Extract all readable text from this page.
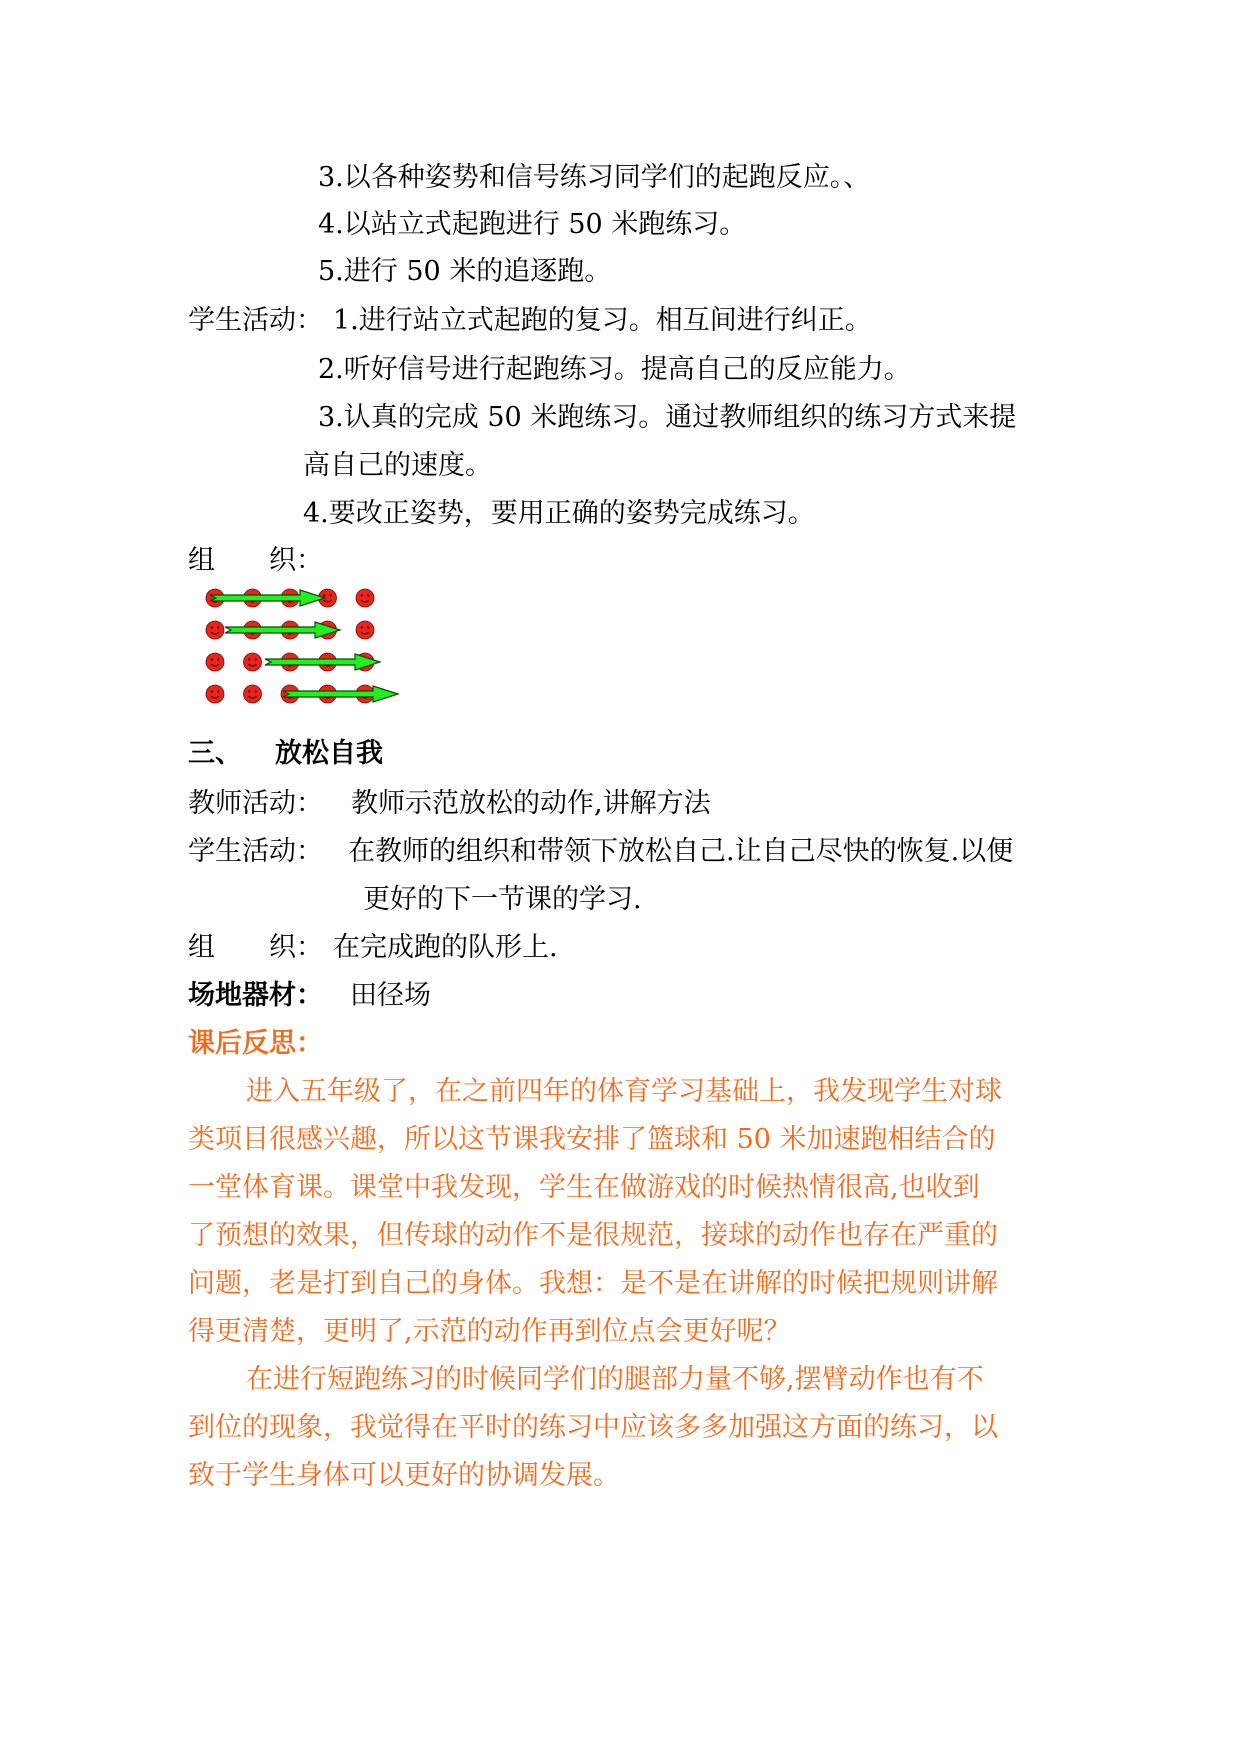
3.以各种姿势和信号练习同学们的起跑反应。、
4.以站立式起跑进行 50 米跑练习。
5.进行 50 米的追逐跑。
学生活动： 1.进行站立式起跑的复习。相互间进行纠正。
2.听好信号进行起跑练习。提高自己的反应能力。
3.认真的完成 50 米跑练习。通过教师组织的练习方式来提
高自己的速度。
4.要改正姿势，要用正确的姿势完成练习。
组　　织：
三、 放松自我
教师活动： 教师示范放松的动作,讲解方法
学生活动： 在教师的组织和带领下放松自己.让自己尽快的恢复.以便
更好的下一节课的学习.
组　　织： 在完成跑的队形上.
场地器材： 田径场
课后反思：
进入五年级了，在之前四年的体育学习基础上，我发现学生对球
类项目很感兴趣，所以这节课我安排了篮球和 50 米加速跑相结合的
一堂体育课。课堂中我发现，学生在做游戏的时候热情很高,也收到
了预想的效果，但传球的动作不是很规范，接球的动作也存在严重的
问题，老是打到自己的身体。我想：是不是在讲解的时候把规则讲解
得更清楚，更明了,示范的动作再到位点会更好呢？
在进行短跑练习的时候同学们的腿部力量不够,摆臂动作也有不
到位的现象，我觉得在平时的练习中应该多多加强这方面的练习，以
致于学生身体可以更好的协调发展。
